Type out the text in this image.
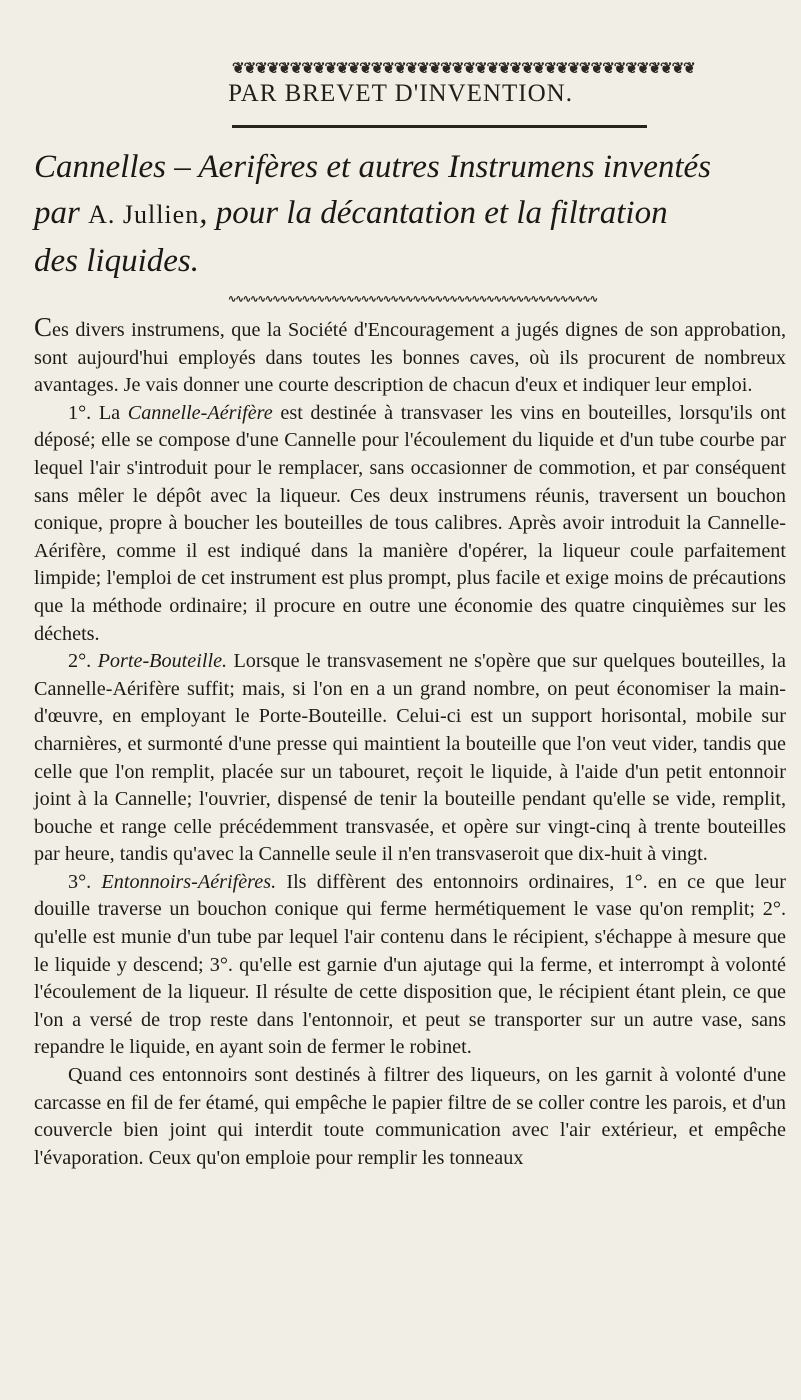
❦❦❦❦❦❦❦❦❦❦❦❦❦❦❦❦❦❦❦❦❦❦❦❦❦❦❦❦❦❦❦❦❦❦❦❦❦❦❦❦
PAR BREVET D'INVENTION.
Cannelles – Aerifères et autres Instrumens inventés
par A. Jullien, pour la décantation et la filtration
des liquides.
∿∿∿∿∿∿∿∿∿∿∿∿∿∿∿∿∿∿∿∿∿∿∿∿∿∿∿∿∿∿∿∿∿∿∿∿∿∿∿∿∿∿∿∿∿∿∿∿∿∿

Ces divers instrumens, que la Société d'Encouragement a jugés dignes de son approbation, sont aujourd'hui employés dans toutes les bonnes caves, où ils procurent de nombreux avantages. Je vais donner une courte description de chacun d'eux et indiquer leur emploi.

1°. La Cannelle-Aérifère est destinée à transvaser les vins en bouteilles, lorsqu'ils ont déposé; elle se compose d'une Cannelle pour l'écoulement du liquide et d'un tube courbe par lequel l'air s'introduit pour le remplacer, sans occasionner de commotion, et par conséquent sans mêler le dépôt avec la liqueur. Ces deux instrumens réunis, traversent un bouchon conique, propre à boucher les bouteilles de tous calibres. Après avoir introduit la Cannelle-Aérifère, comme il est indiqué dans la manière d'opérer, la liqueur coule parfaitement limpide; l'emploi de cet instrument est plus prompt, plus facile et exige moins de précautions que la méthode ordinaire; il procure en outre une économie des quatre cinquièmes sur les déchets.

2°. Porte-Bouteille. Lorsque le transvasement ne s'opère que sur quelques bouteilles, la Cannelle-Aérifère suffit; mais, si l'on en a un grand nombre, on peut économiser la main-d'œuvre, en employant le Porte-Bouteille. Celui-ci est un support horisontal, mobile sur charnières, et surmonté d'une presse qui maintient la bouteille que l'on veut vider, tandis que celle que l'on remplit, placée sur un tabouret, reçoit le liquide, à l'aide d'un petit entonnoir joint à la Cannelle; l'ouvrier, dispensé de tenir la bouteille pendant qu'elle se vide, remplit, bouche et range celle précédemment transvasée, et opère sur vingt-cinq à trente bouteilles par heure, tandis qu'avec la Cannelle seule il n'en transvaseroit que dix-huit à vingt.

3°. Entonnoirs-Aérifères. Ils diffèrent des entonnoirs ordinaires, 1°. en ce que leur douille traverse un bouchon conique qui ferme hermétiquement le vase qu'on remplit; 2°. qu'elle est munie d'un tube par lequel l'air contenu dans le récipient, s'échappe à mesure que le liquide y descend; 3°. qu'elle est garnie d'un ajutage qui la ferme, et interrompt à volonté l'écoulement de la liqueur. Il résulte de cette disposition que, le récipient étant plein, ce que l'on a versé de trop reste dans l'entonnoir, et peut se transporter sur un autre vase, sans repandre le liquide, en ayant soin de fermer le robinet.

Quand ces entonnoirs sont destinés à filtrer des liqueurs, on les garnit à volonté d'une carcasse en fil de fer étamé, qui empêche le papier filtre de se coller contre les parois, et d'un couvercle bien joint qui interdit toute communication avec l'air extérieur, et empêche l'évaporation. Ceux qu'on emploie pour remplir les tonneaux
